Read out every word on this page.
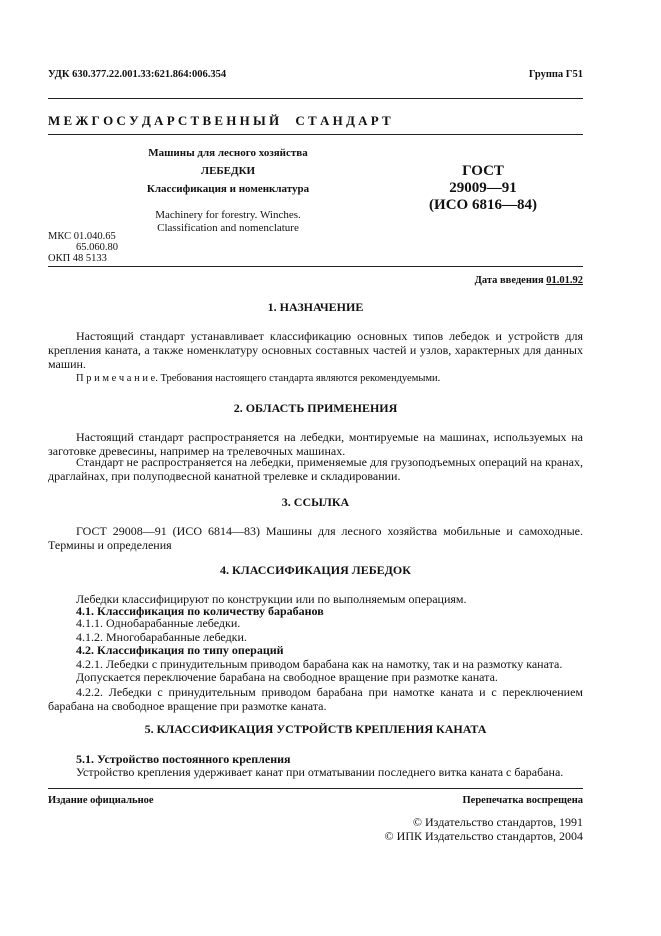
УДК 630.377.22.001.33:621.864:006.354	Группа Г51
М Е Ж Г О С У Д А Р С Т В Е Н Н Ы Й     С Т А Н Д А Р Т
Машины для лесного хозяйства
ЛЕБЕДКИ
Классификация и номенклатура
Machinery for forestry. Winches.
Classification and nomenclature
ГОСТ
29009—91
(ИСО 6816—84)
МКС 01.040.65
65.060.80
ОКП 48 5133
Дата введения 01.01.92
1. НАЗНАЧЕНИЕ
Настоящий стандарт устанавливает классификацию основных типов лебедок и устройств для крепления каната, а также номенклатуру основных составных частей и узлов, характерных для данных машин.
П р и м е ч а н и е. Требования настоящего стандарта являются рекомендуемыми.
2. ОБЛАСТЬ ПРИМЕНЕНИЯ
Настоящий стандарт распространяется на лебедки, монтируемые на машинах, используемых на заготовке древесины, например на трелевочных машинах.
Стандарт не распространяется на лебедки, применяемые для грузоподъемных операций на кранах, драглайнах, при полуподвесной канатной трелевке и складировании.
3. ССЫЛКА
ГОСТ 29008—91 (ИСО 6814—83) Машины для лесного хозяйства мобильные и самоходные. Термины и определения
4. КЛАССИФИКАЦИЯ ЛЕБЕДОК
Лебедки классифицируют по конструкции или по выполняемым операциям.
4.1. Классификация по количеству барабанов
4.1.1. Однобарабанные лебедки.
4.1.2. Многобарабанные лебедки.
4.2. Классификация по типу операций
4.2.1. Лебедки с принудительным приводом барабана как на намотку, так и на размотку каната.
Допускается переключение барабана на свободное вращение при размотке каната.
4.2.2. Лебедки с принудительным приводом барабана при намотке каната и с переключением барабана на свободное вращение при размотке каната.
5. КЛАССИФИКАЦИЯ УСТРОЙСТВ КРЕПЛЕНИЯ КАНАТА
5.1. Устройство постоянного крепления
Устройство крепления удерживает канат при отматывании последнего витка каната с барабана.
Издание официальное	Перепечатка воспрещена
© Издательство стандартов, 1991
© ИПК Издательство стандартов, 2004
